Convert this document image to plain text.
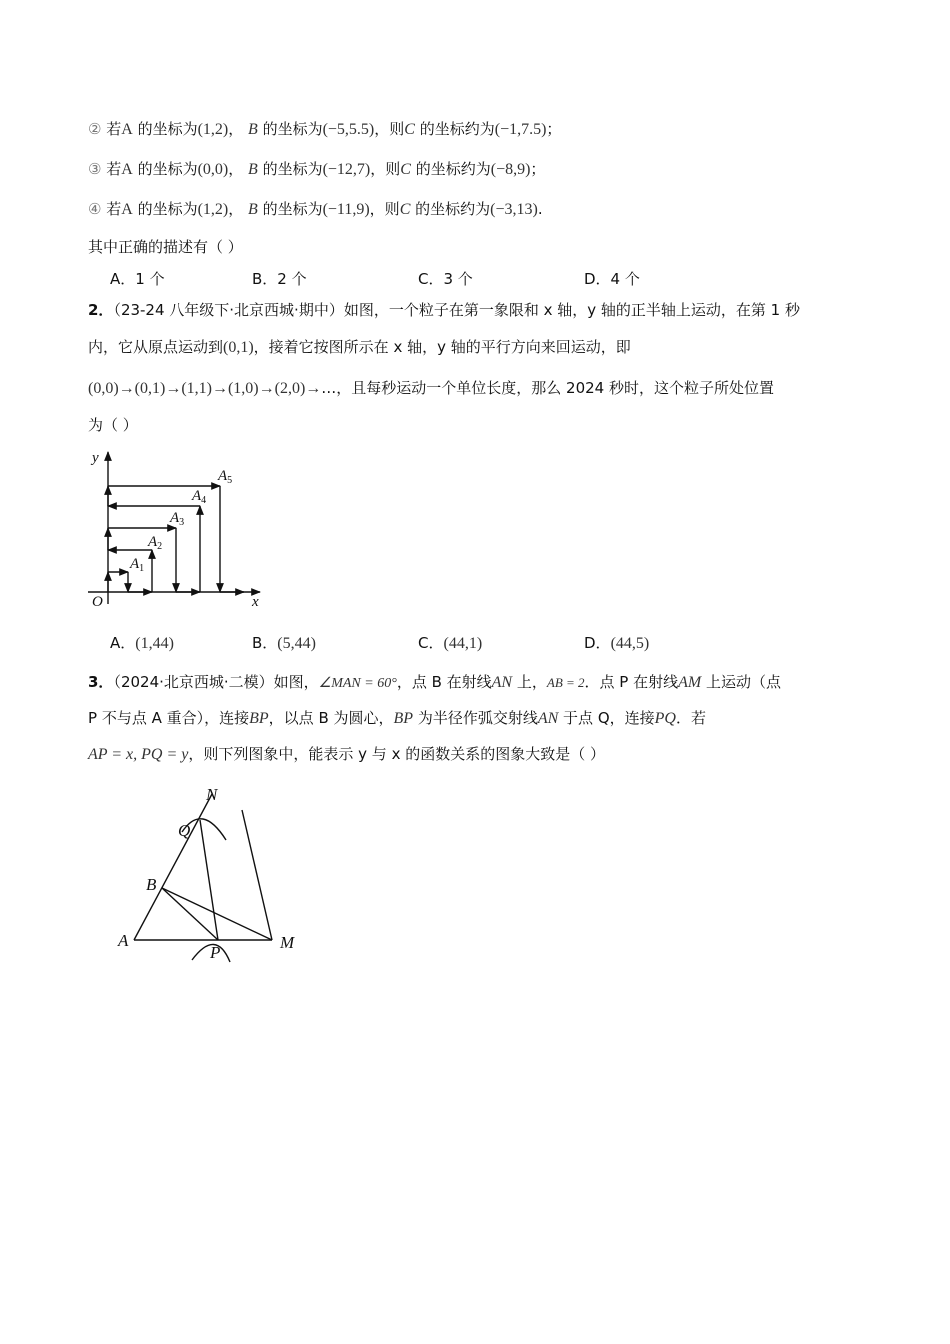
② 若A 的坐标为(1,2)， B 的坐标为(−5,5.5)，则C 的坐标约为(−1,7.5)；
③ 若A 的坐标为(0,0)， B 的坐标为(−12,7)，则C 的坐标约为(−8,9)；
④ 若A 的坐标为(1,2)， B 的坐标为(−11,9)，则C 的坐标约为(−3,13).
其中正确的描述有（ ）
A．1 个	B．2 个	C．3 个	D．4 个
2．（23-24 八年级下·北京西城·期中）如图，一个粒子在第一象限和 x 轴，y 轴的正半轴上运动，在第 1 秒
内，它从原点运动到(0,1)，接着它按图所示在 x 轴，y 轴的平行方向来回运动，即
(0,0)→(0,1)→(1,1)→(1,0)→(2,0)→…，且每秒运动一个单位长度，那么 2024 秒时，这个粒子所处位置
为（ ）
y
x
O
$A_1$
$A_2$
$A_3$
$A_4$
$A_5$
A．(1,44)	B．(5,44)	C．(44,1)	D．(44,5)
3．（2024·北京西城·二模）如图，∠MAN = 60°，点 B 在射线AN 上，AB = 2．点 P 在射线AM 上运动（点
P 不与点 A 重合），连接BP，以点 B 为圆心，BP 为半径作弧交射线AN 于点 Q，连接PQ．若
AP = x, PQ = y，则下列图象中，能表示 y 与 x 的函数关系的图象大致是（ ）
N
Q
B
A
P
M
